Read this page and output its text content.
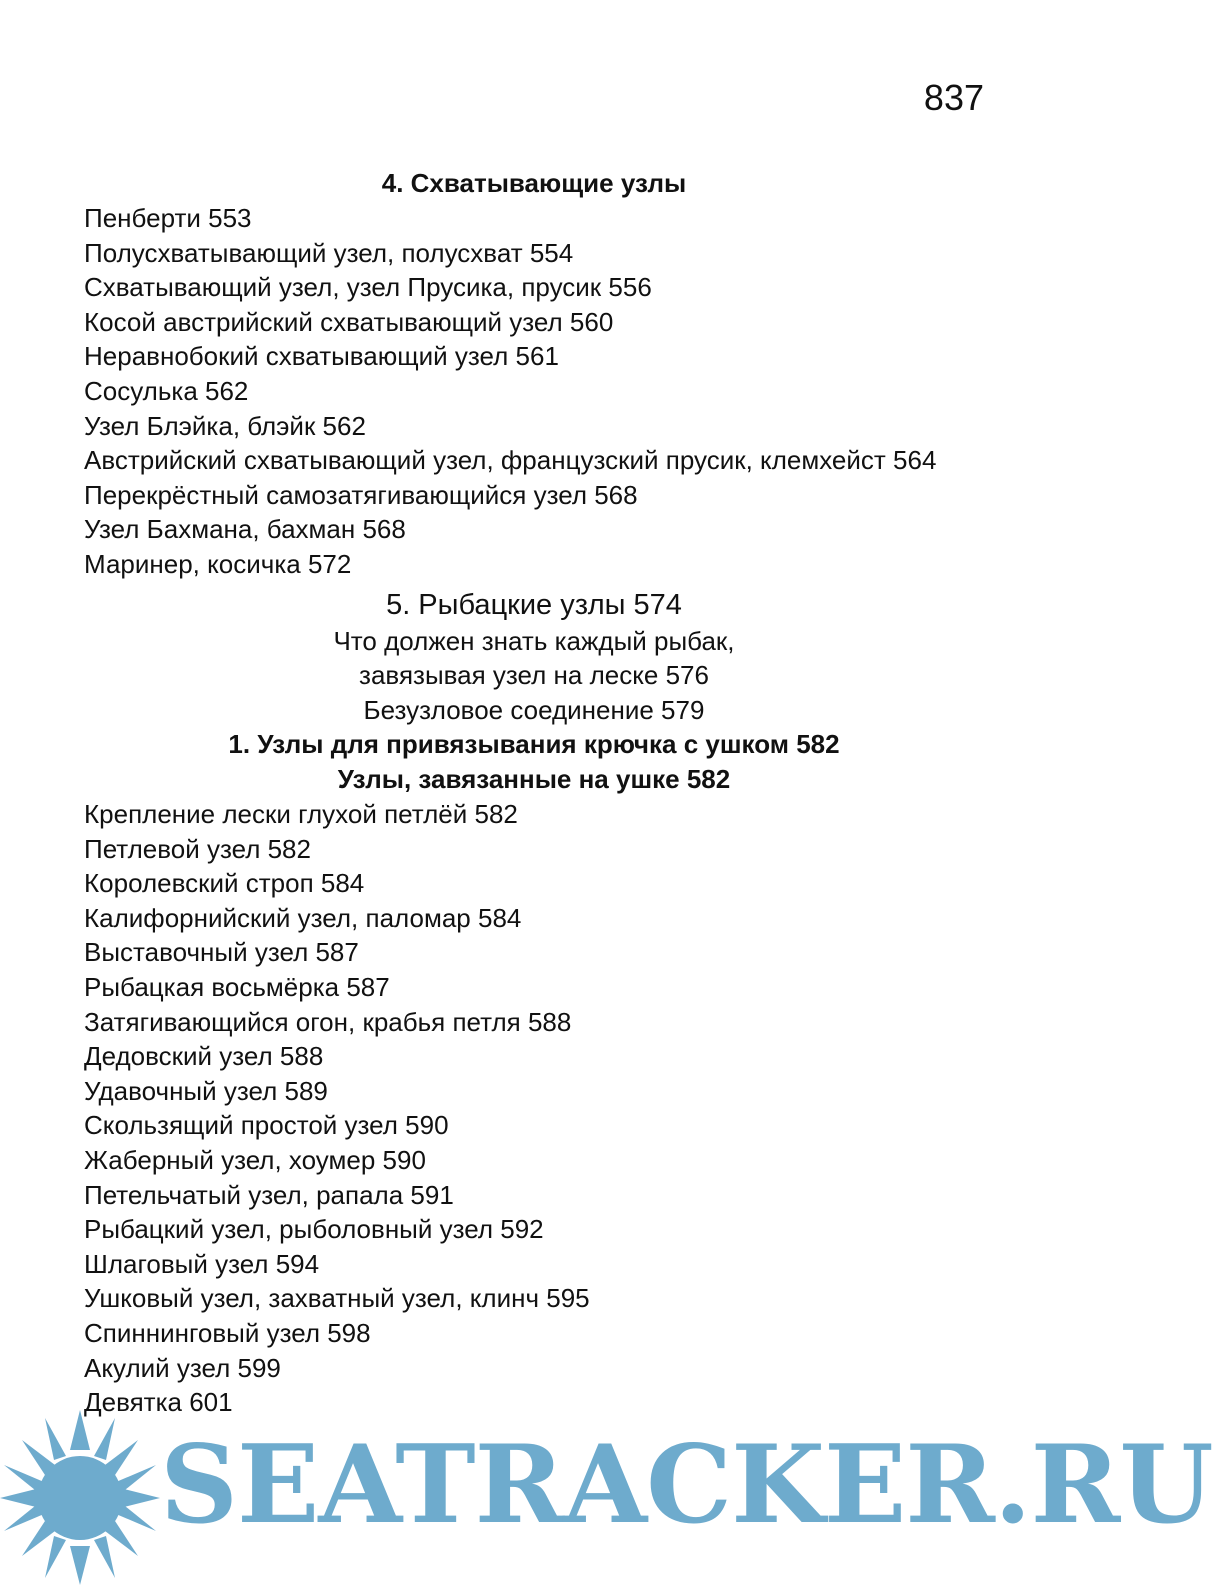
837
4. Схватывающие узлы
Пенберти 553
Полусхватывающий узел, полусхват 554
Схватывающий узел, узел Прусика, прусик 556
Косой австрийский схватывающий узел 560
Неравнобокий схватывающий узел 561
Сосулька 562
Узел Блэйка, блэйк 562
Австрийский схватывающий узел, французский прусик, клемхейст 564
Перекрёстный самозатягивающийся узел 568
Узел Бахмана, бахман 568
Маринер, косичка 572
5. Рыбацкие узлы 574
Что должен знать каждый рыбак,
завязывая узел на леске 576
Безузловое соединение 579
1. Узлы для привязывания крючка с ушком 582
Узлы, завязанные на ушке 582
Крепление лески глухой петлёй 582
Петлевой узел 582
Королевский строп 584
Калифорнийский узел, паломар 584
Выставочный узел 587
Рыбацкая восьмёрка 587
Затягивающийся огон, крабья петля 588
Дедовский узел 588
Удавочный узел 589
Скользящий простой узел 590
Жаберный узел, хоумер 590
Петельчатый узел, рапала 591
Рыбацкий узел, рыболовный узел 592
Шлаговый узел 594
Ушковый узел, захватный узел, клинч 595
Спиннинговый узел 598
Акулий узел 599
Девятка 601
SEATRACKER.RU
